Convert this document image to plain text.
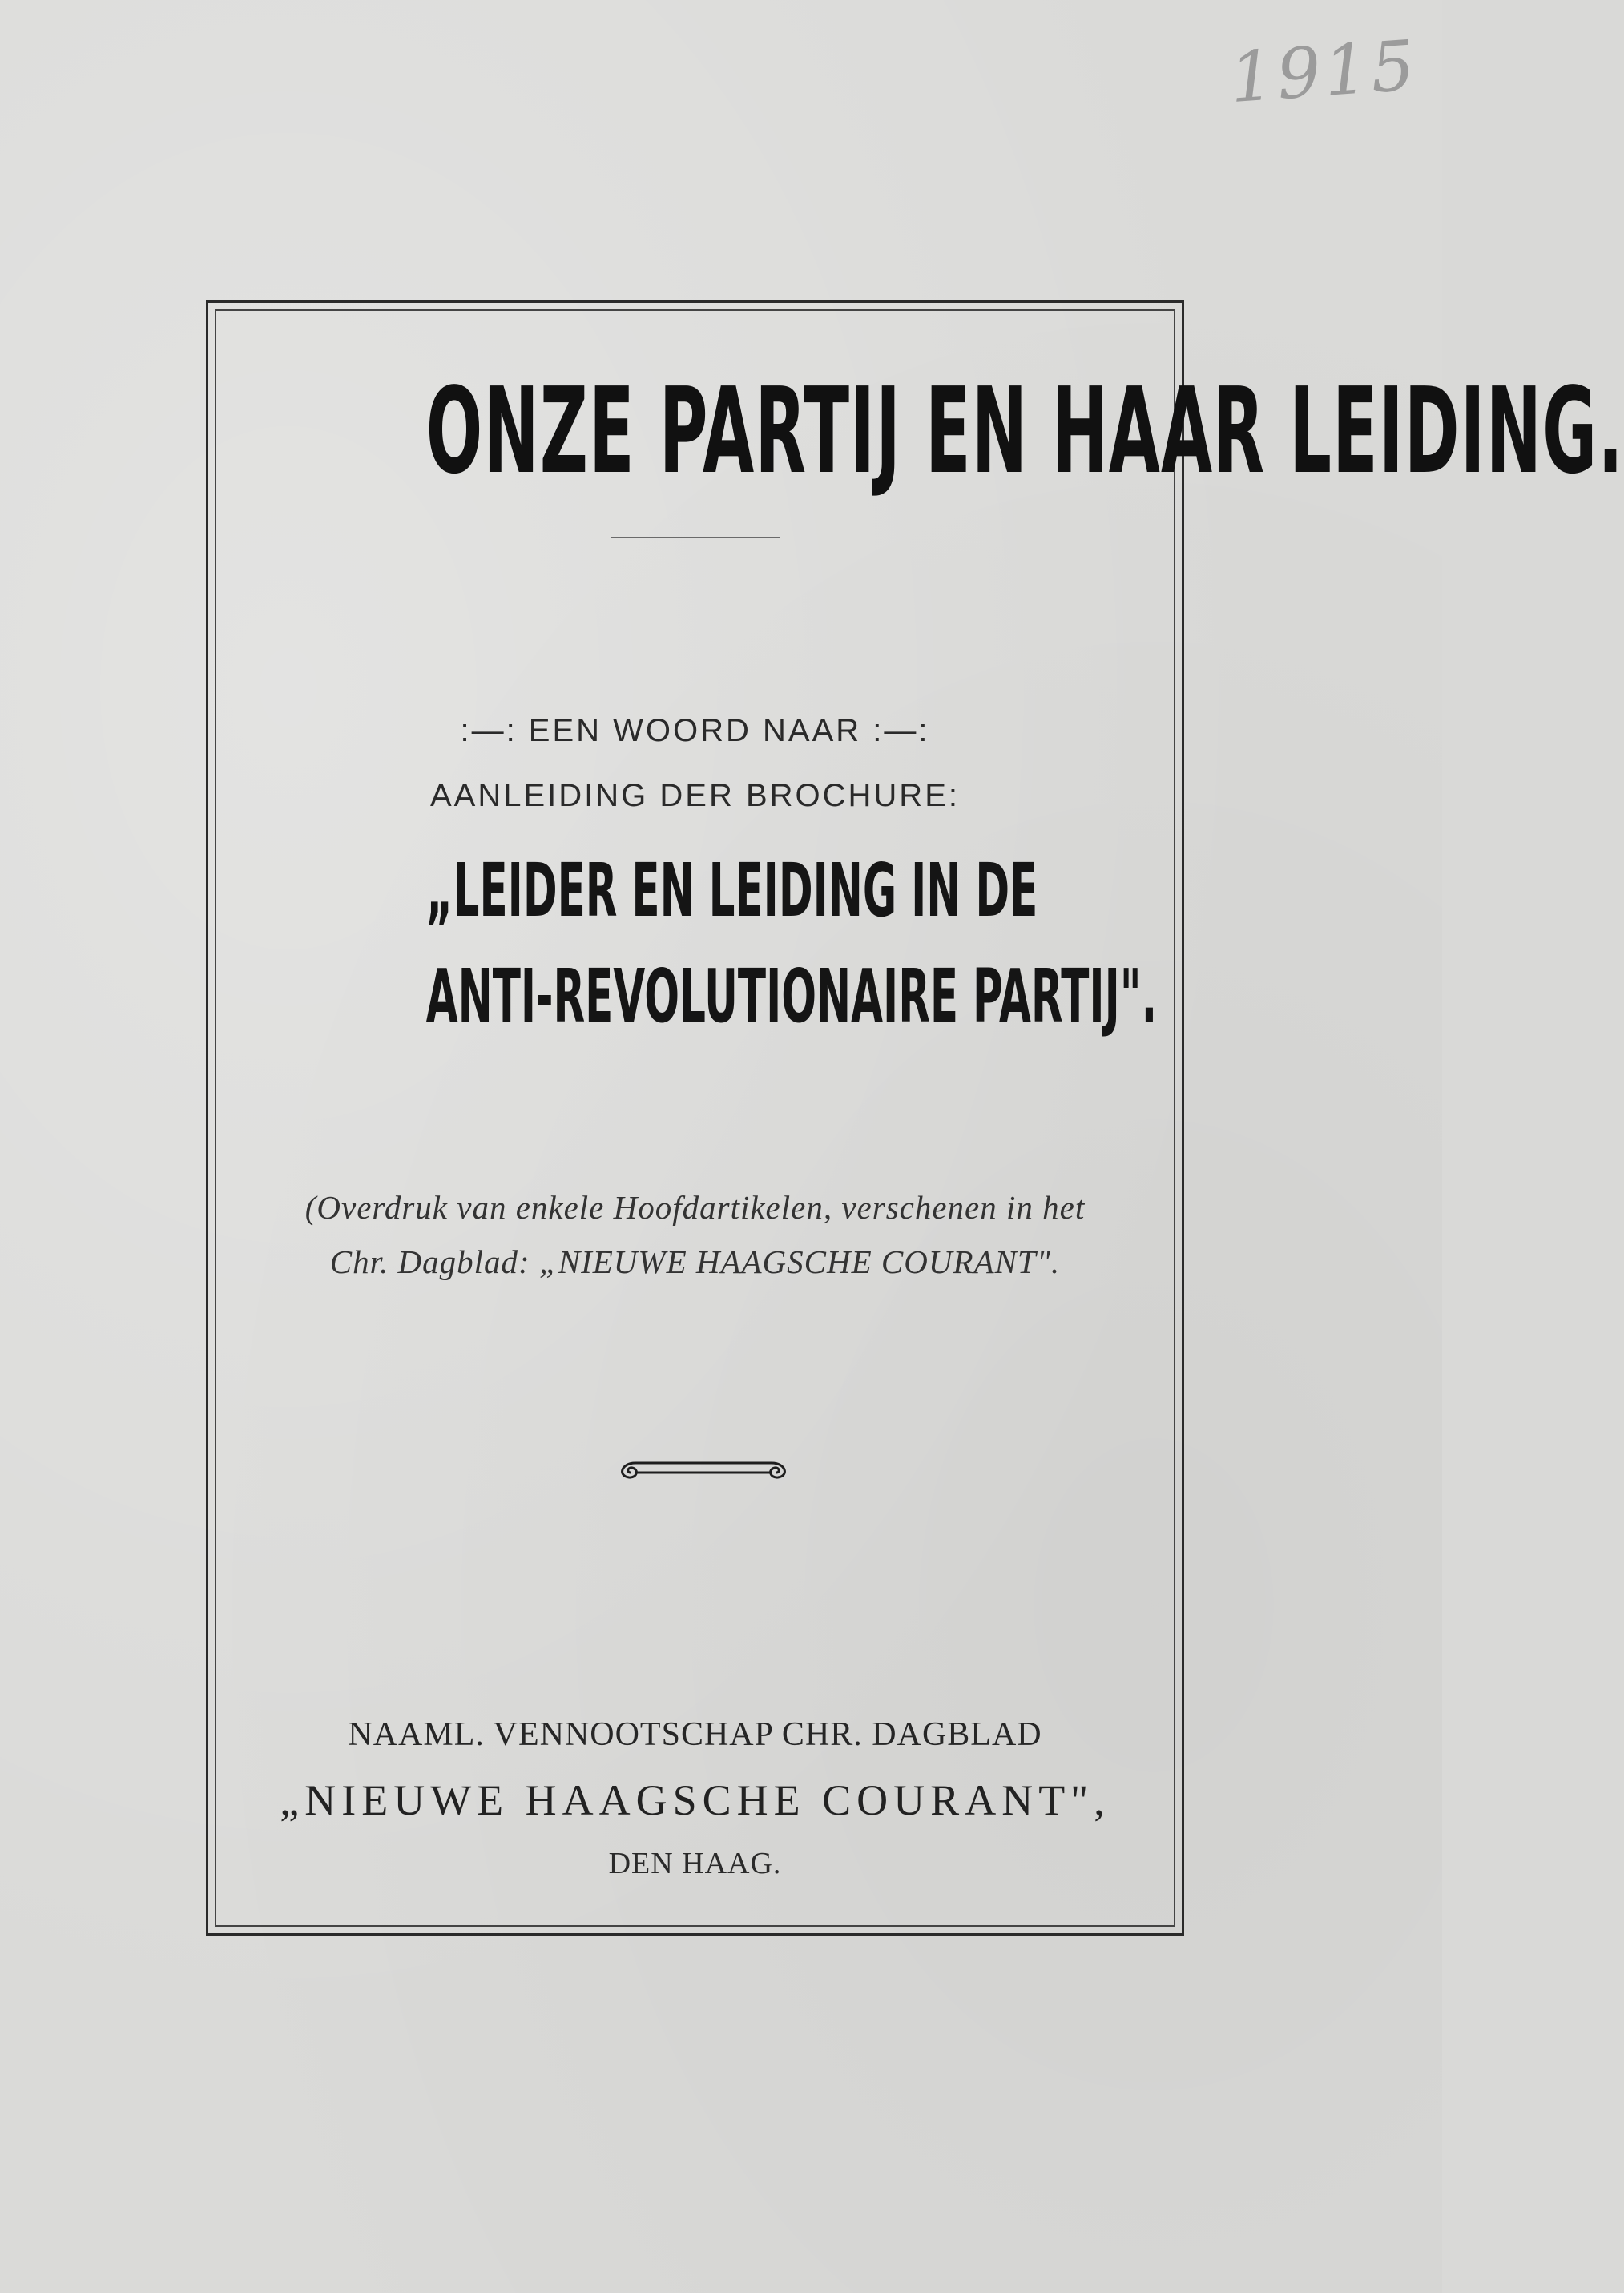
1915
ONZE PARTIJ EN HAAR LEIDING.
:—: EEN WOORD NAAR :—:
AANLEIDING DER BROCHURE:
„LEIDER EN LEIDING IN DE
ANTI-REVOLUTIONAIRE PARTIJ".
(Overdruk van enkele Hoofdartikelen, verschenen in het
Chr. Dagblad: „NIEUWE HAAGSCHE COURANT".
NAAML. VENNOOTSCHAP CHR. DAGBLAD
„NIEUWE HAAGSCHE COURANT",
DEN HAAG.
